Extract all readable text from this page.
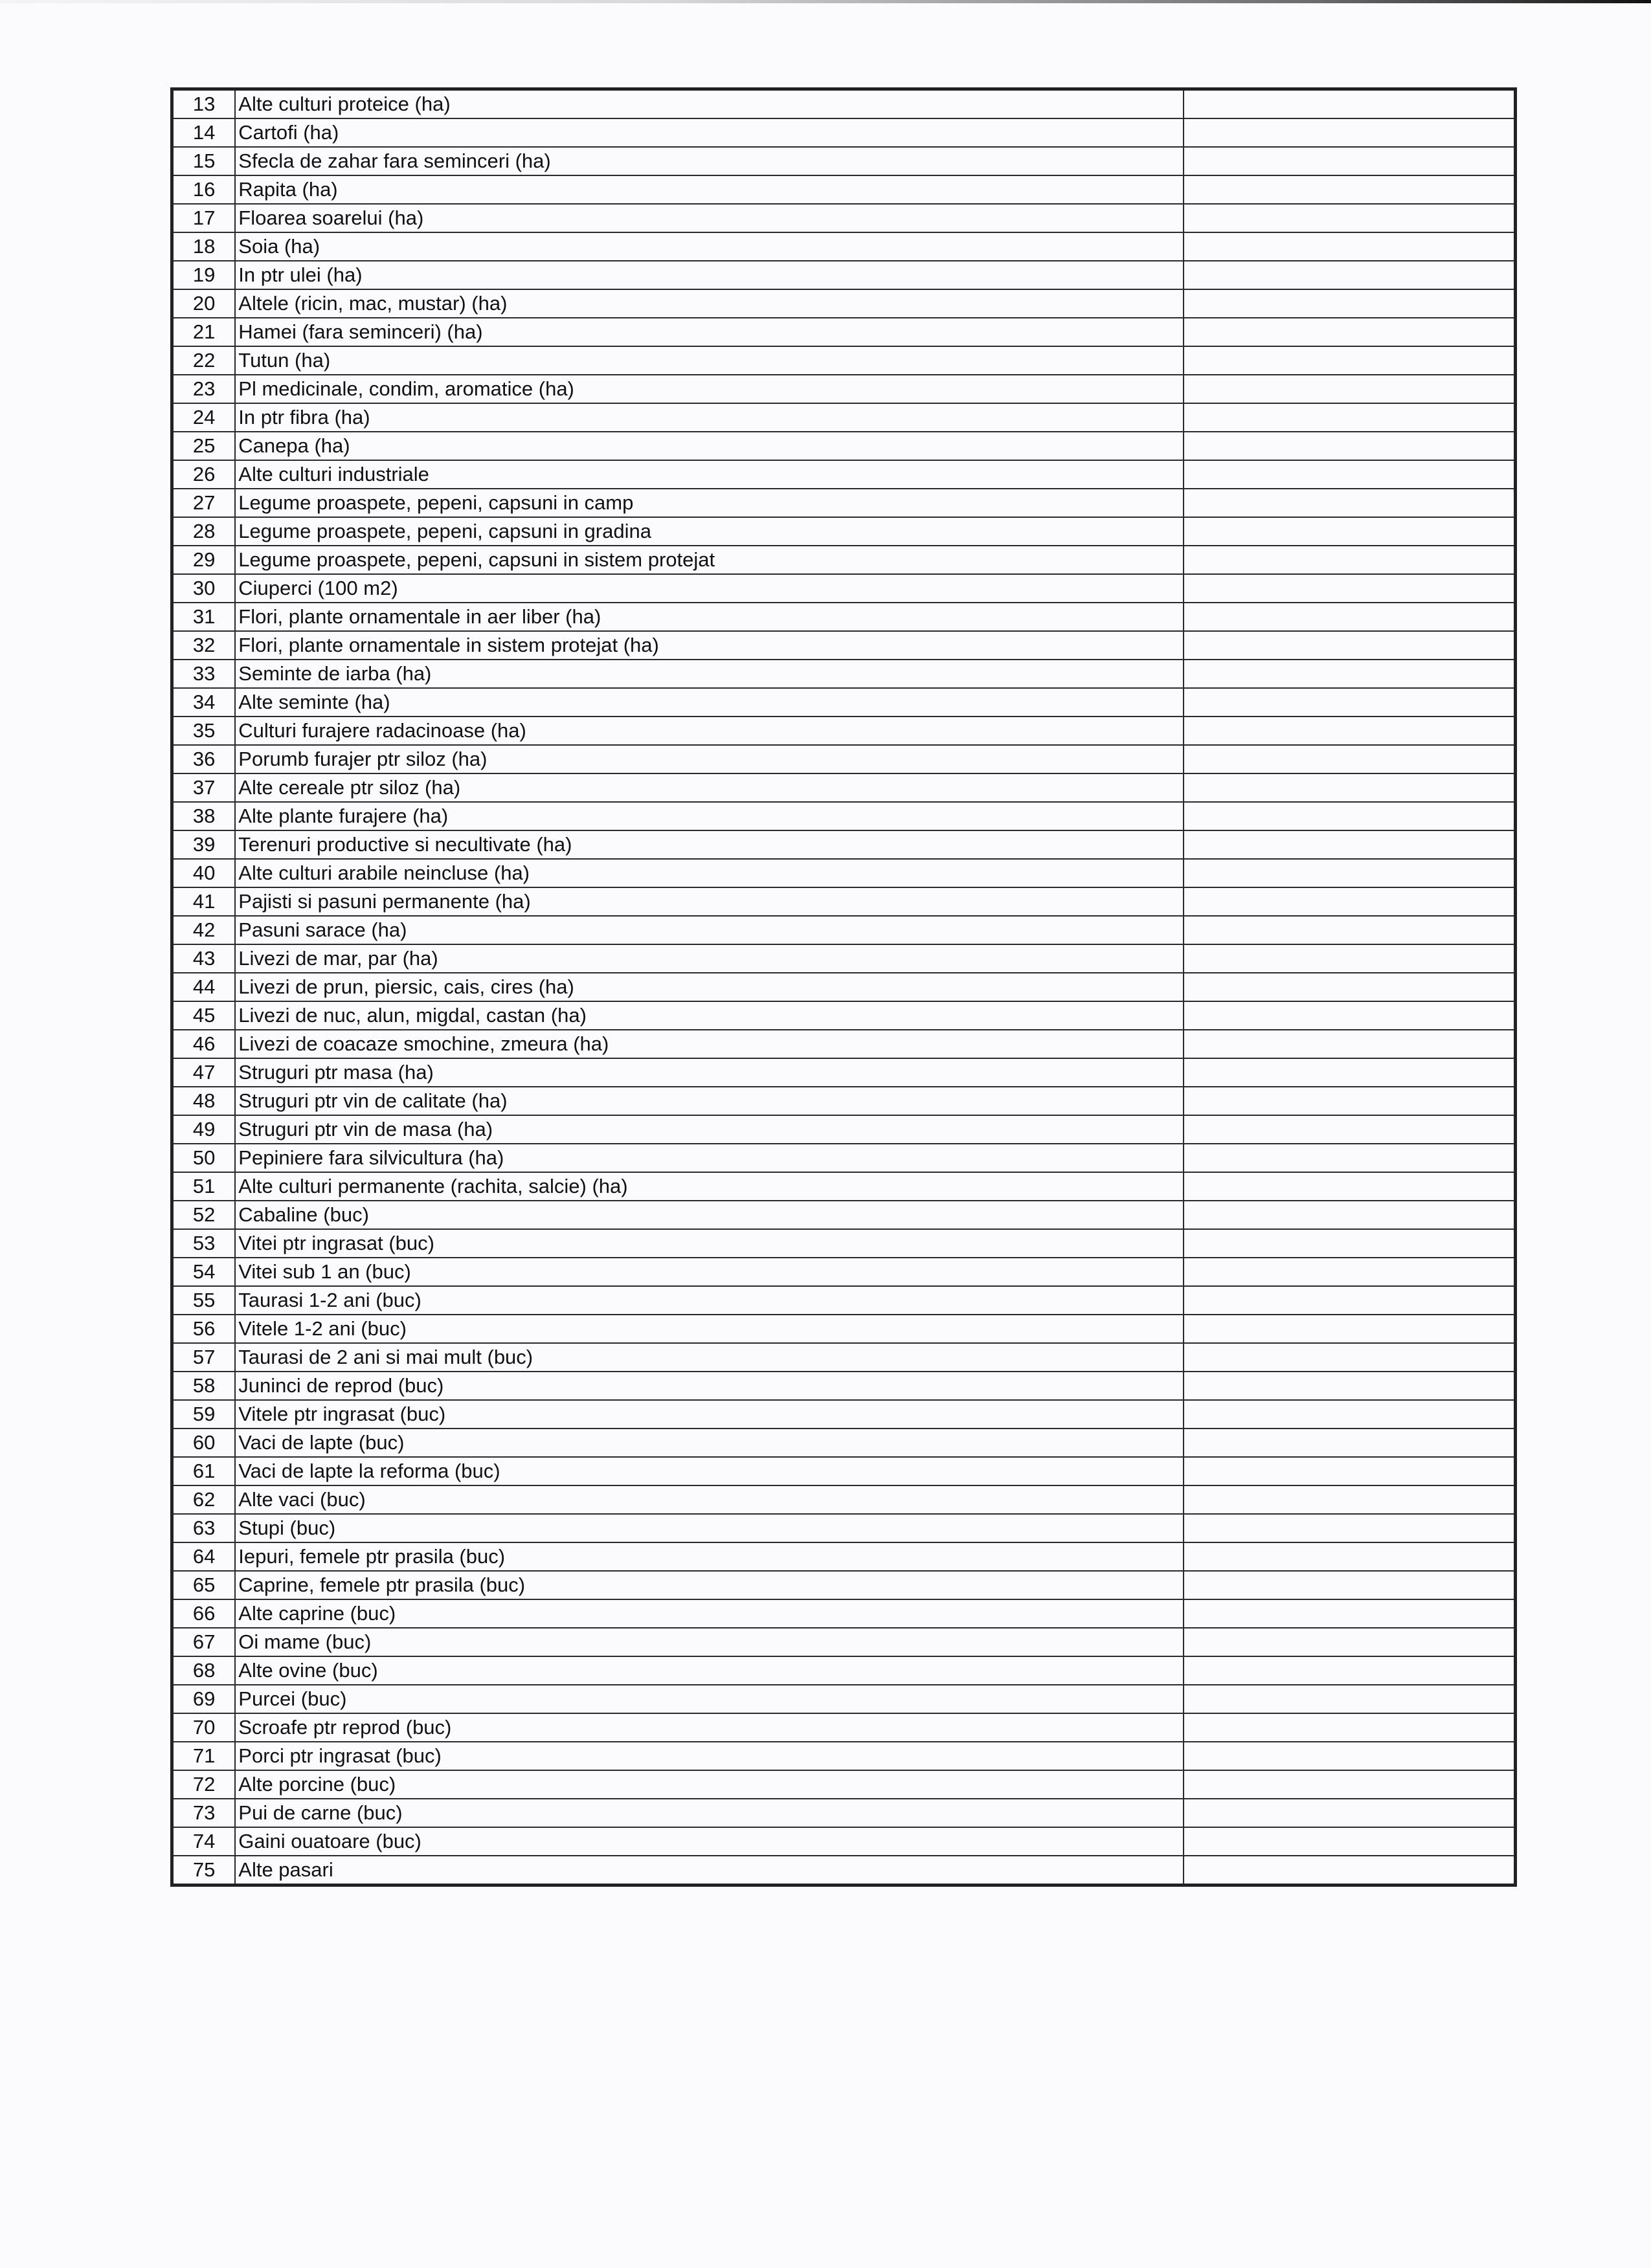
13	Alte culturi proteice (ha)	
14	Cartofi (ha)	
15	Sfecla de zahar fara seminceri (ha)	
16	Rapita (ha)	
17	Floarea soarelui (ha)	
18	Soia (ha)	
19	In ptr ulei (ha)	
20	Altele (ricin, mac, mustar) (ha)	
21	Hamei (fara seminceri) (ha)	
22	Tutun (ha)	
23	Pl medicinale, condim, aromatice (ha)	
24	In ptr fibra (ha)	
25	Canepa (ha)	
26	Alte culturi industriale	
27	Legume proaspete, pepeni, capsuni in camp	
28	Legume proaspete, pepeni, capsuni in gradina	
29	Legume proaspete, pepeni, capsuni in sistem protejat	
30	Ciuperci (100 m2)	
31	Flori, plante ornamentale in aer liber (ha)	
32	Flori, plante ornamentale in sistem protejat (ha)	
33	Seminte de iarba (ha)	
34	Alte seminte (ha)	
35	Culturi furajere radacinoase (ha)	
36	Porumb furajer ptr siloz (ha)	
37	Alte cereale ptr siloz (ha)	
38	Alte plante furajere (ha)	
39	Terenuri productive si necultivate (ha)	
40	Alte culturi arabile neincluse (ha)	
41	Pajisti si pasuni permanente (ha)	
42	Pasuni sarace (ha)	
43	Livezi de mar, par (ha)	
44	Livezi de prun, piersic, cais, cires (ha)	
45	Livezi de nuc, alun, migdal, castan (ha)	
46	Livezi de coacaze smochine, zmeura (ha)	
47	Struguri ptr masa (ha)	
48	Struguri ptr vin de calitate (ha)	
49	Struguri ptr vin de masa (ha)	
50	Pepiniere fara silvicultura (ha)	
51	Alte culturi permanente (rachita, salcie) (ha)	
52	Cabaline (buc)	
53	Vitei ptr ingrasat (buc)	
54	Vitei sub 1 an (buc)	
55	Taurasi 1-2 ani (buc)	
56	Vitele 1-2 ani (buc)	
57	Taurasi de 2 ani si mai mult (buc)	
58	Juninci de reprod (buc)	
59	Vitele ptr ingrasat (buc)	
60	Vaci de lapte (buc)	
61	Vaci de lapte la reforma (buc)	
62	Alte vaci (buc)	
63	Stupi (buc)	
64	Iepuri, femele ptr prasila (buc)	
65	Caprine, femele ptr prasila (buc)	
66	Alte caprine (buc)	
67	Oi mame (buc)	
68	Alte ovine (buc)	
69	Purcei (buc)	
70	Scroafe ptr reprod (buc)	
71	Porci ptr ingrasat (buc)	
72	Alte porcine (buc)	
73	Pui de carne (buc)	
74	Gaini ouatoare (buc)	
75	Alte pasari	
